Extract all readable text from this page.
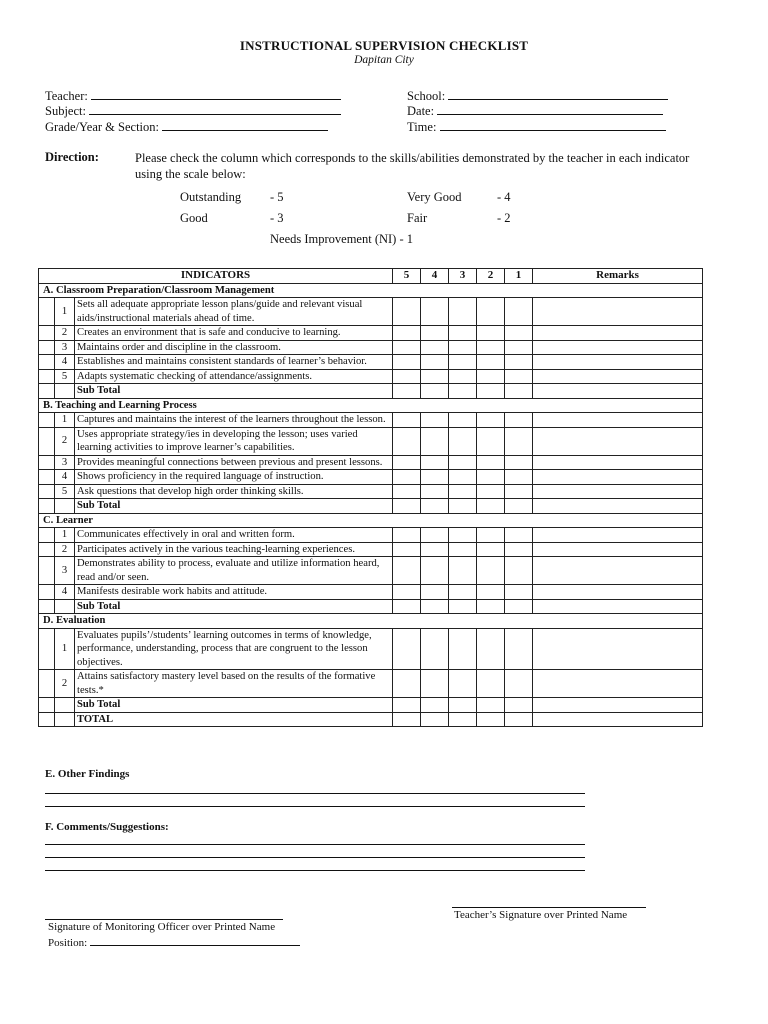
INSTRUCTIONAL SUPERVISION CHECKLIST
Dapitan City
Teacher:
Subject:
Grade/Year & Section:
School:
Date:
Time:
Direction:	Please check the column which corresponds to the skills/abilities demonstrated by the teacher in each indicator using the scale below:
Outstanding - 5	Very Good	- 4
Good	- 3	Fair	- 2
Needs Improvement (NI) - 1
INDICATORS			5	4	3	2	1	Remarks
A. Classroom Preparation/Classroom Management								
	1	Sets all adequate appropriate lesson plans/guide and relevant visual aids/instructional materials ahead of time.						
	2	Creates an environment that is safe and conducive to learning.						
	3	Maintains order and discipline in the classroom.						
	4	Establishes and maintains consistent standards of learner’s behavior.						
	5	Adapts systematic checking of attendance/assignments.						
		Sub Total						
B. Teaching and Learning Process								
	1	Captures and maintains the interest of the learners throughout the lesson.						
	2	Uses appropriate strategy/ies in developing the lesson; uses varied learning activities to improve learner’s capabilities.						
	3	Provides meaningful connections between previous and present lessons.						
	4	Shows proficiency in the required language of instruction.						
	5	Ask questions that develop high order thinking skills.						
		Sub Total						
C. Learner								
	1	Communicates effectively in oral and written form.						
	2	Participates actively in the various teaching-learning experiences.						
	3	Demonstrates ability to process, evaluate and utilize information heard, read and/or seen.						
	4	Manifests desirable work habits and attitude.						
		Sub Total						
D. Evaluation								
	1	Evaluates pupils’/students’ learning outcomes in terms of knowledge, performance, understanding, process that are congruent to the lesson objectives.						
	2	Attains satisfactory mastery level based on the results of the formative tests.*						
		Sub Total						
		TOTAL						
E. Other Findings
F. Comments/Suggestions:
Teacher’s Signature over Printed Name
Signature of Monitoring Officer over Printed Name
Position:
